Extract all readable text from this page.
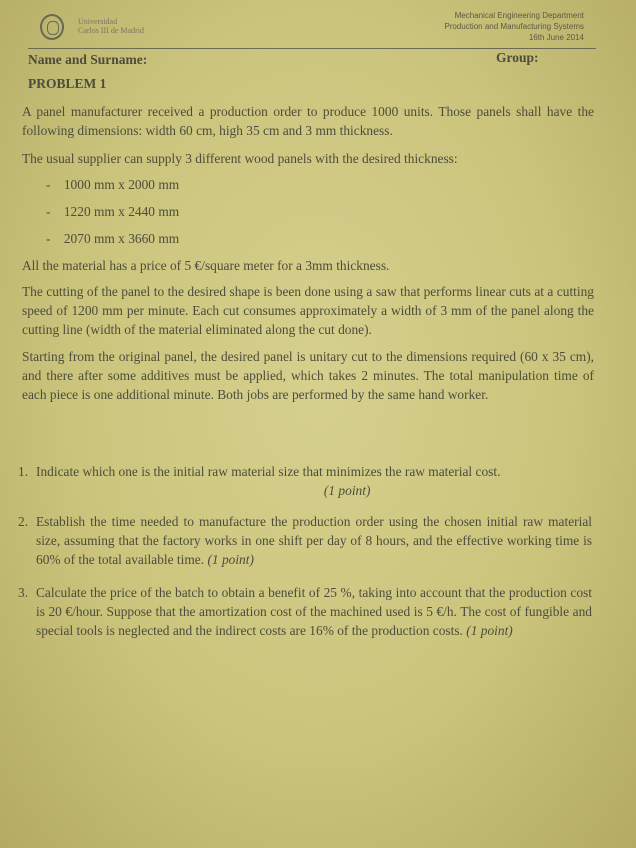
Universidad
Carlos III de Madrid
Mechanical Engineering Department
Production and Manufacturing Systems
16th June 2014
Name and Surname:	Group:
PROBLEM 1

A panel manufacturer received a production order to produce 1000 units. Those panels shall have the following dimensions: width 60 cm, high 35 cm and 3 mm thickness.

The usual supplier can supply 3 different wood panels with the desired thickness:

-    1000 mm x 2000 mm
-    1220 mm x 2440 mm
-    2070 mm x 3660 mm

All the material has a price of 5 €/square meter for a 3mm thickness.

The cutting of the panel to the desired shape is been done using a saw that performs linear cuts at a cutting speed of 1200 mm per minute. Each cut consumes approximately a width of 3 mm of the panel along the cutting line (width of the material eliminated along the cut done).

Starting from the original panel, the desired panel is unitary cut to the dimensions required (60 x 35 cm), and there after some additives must be applied, which takes 2 minutes. The total manipulation time of each piece is one additional minute. Both jobs are performed by the same hand worker.

1. Indicate which one is the initial raw material size that minimizes the raw material cost.
(1 point)
2. Establish the time needed to manufacture the production order using the chosen initial raw material size, assuming that the factory works in one shift per day of 8 hours, and the effective working time is 60% of the total available time. (1 point)
3. Calculate the price of the batch to obtain a benefit of 25 %, taking into account that the production cost is 20 €/hour. Suppose that the amortization cost of the machined used is 5 €/h. The cost of fungible and special tools is neglected and the indirect costs are 16% of the production costs. (1 point)
